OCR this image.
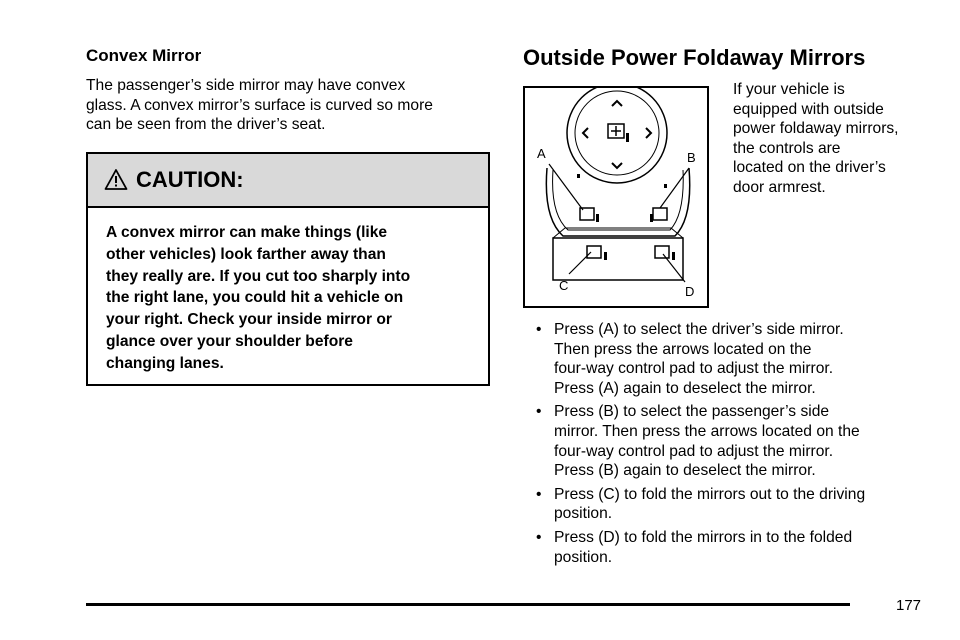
Convex Mirror

The passenger’s side mirror may have convex
glass. A convex mirror’s surface is curved so more
can be seen from the driver’s seat.

CAUTION:
A convex mirror can make things (like
other vehicles) look farther away than
they really are. If you cut too sharply into
the right lane, you could hit a vehicle on
your right. Check your inside mirror or
glance over your shoulder before
changing lanes.
Outside Power Foldaway Mirrors
A	B
C	D
If your vehicle is
equipped with outside
power foldaway mirrors,
the controls are
located on the driver’s
door armrest.
• Press (A) to select the driver’s side mirror.
Then press the arrows located on the
four-way control pad to adjust the mirror.
Press (A) again to deselect the mirror.
• Press (B) to select the passenger’s side
mirror. Then press the arrows located on the
four-way control pad to adjust the mirror.
Press (B) again to deselect the mirror.
• Press (C) to fold the mirrors out to the driving
position.
• Press (D) to fold the mirrors in to the folded
position.
177
